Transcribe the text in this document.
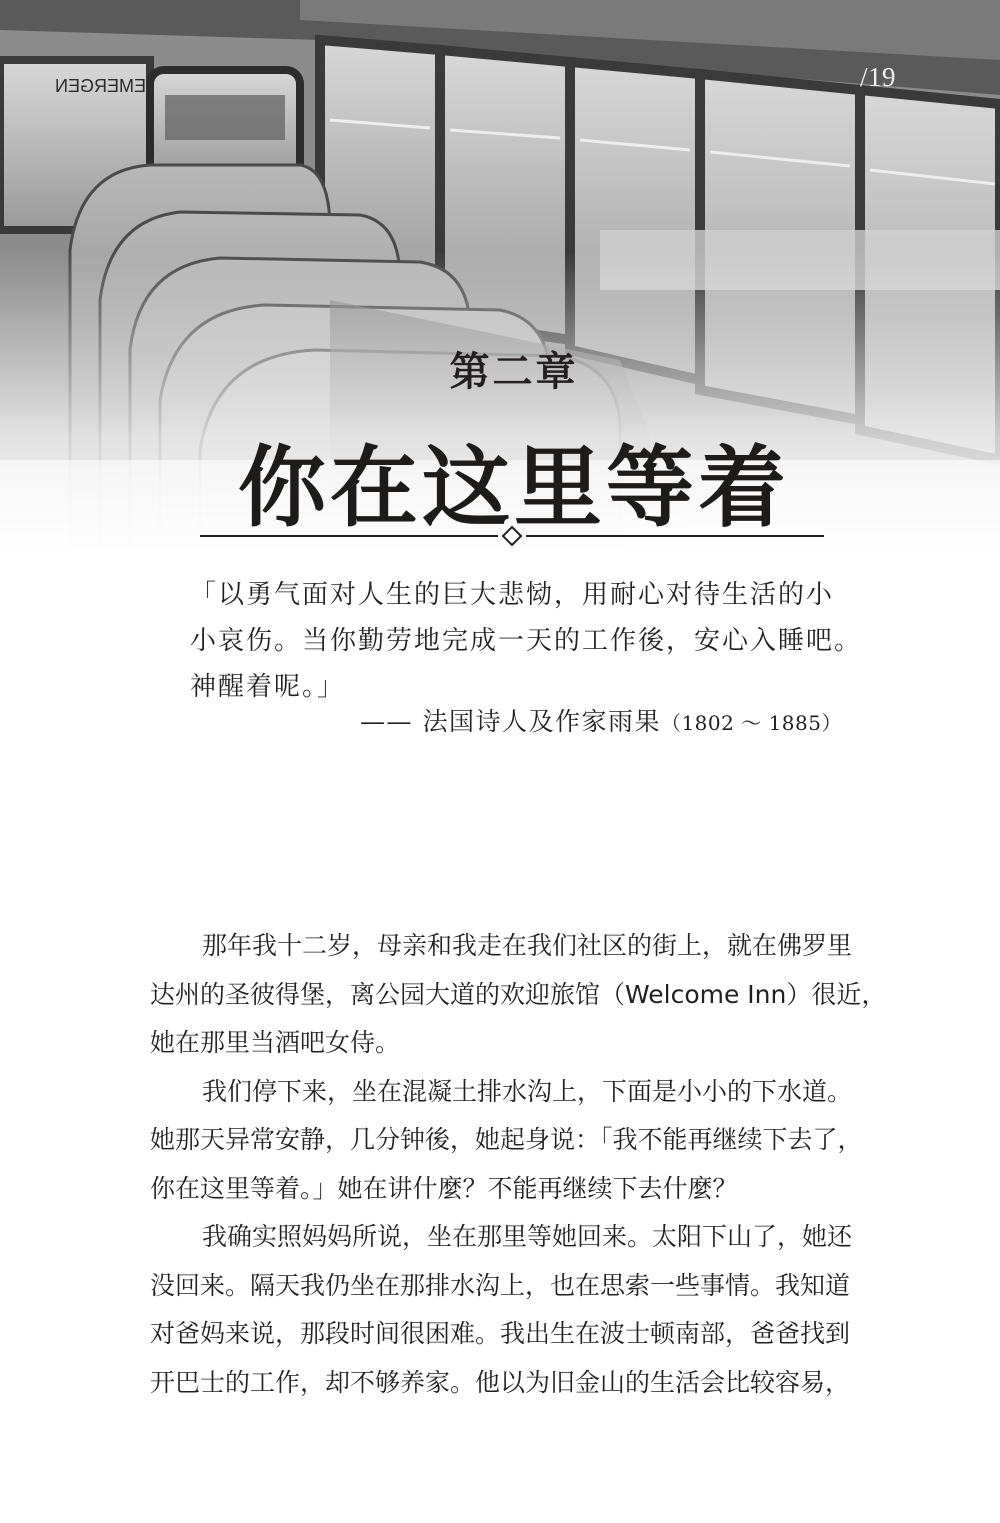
/19
第二章
你在这里等着
「以勇气面对人生的巨大悲恸，用耐心对待生活的小
小哀伤。当你勤劳地完成一天的工作後，安心入睡吧。
神醒着呢。」
—— 法国诗人及作家雨果（1802 ～ 1885）
那年我十二岁，母亲和我走在我们社区的街上，就在佛罗里
达州的圣彼得堡，离公园大道的欢迎旅馆（Welcome Inn）很近，
她在那里当酒吧女侍。
我们停下来，坐在混凝土排水沟上，下面是小小的下水道。
她那天异常安静，几分钟後，她起身说：「我不能再继续下去了，
你在这里等着。」她在讲什麼？不能再继续下去什麼？
我确实照妈妈所说，坐在那里等她回来。太阳下山了，她还
没回来。隔天我仍坐在那排水沟上，也在思索一些事情。我知道
对爸妈来说，那段时间很困难。我出生在波士顿南部，爸爸找到
开巴士的工作，却不够养家。他以为旧金山的生活会比较容易，
